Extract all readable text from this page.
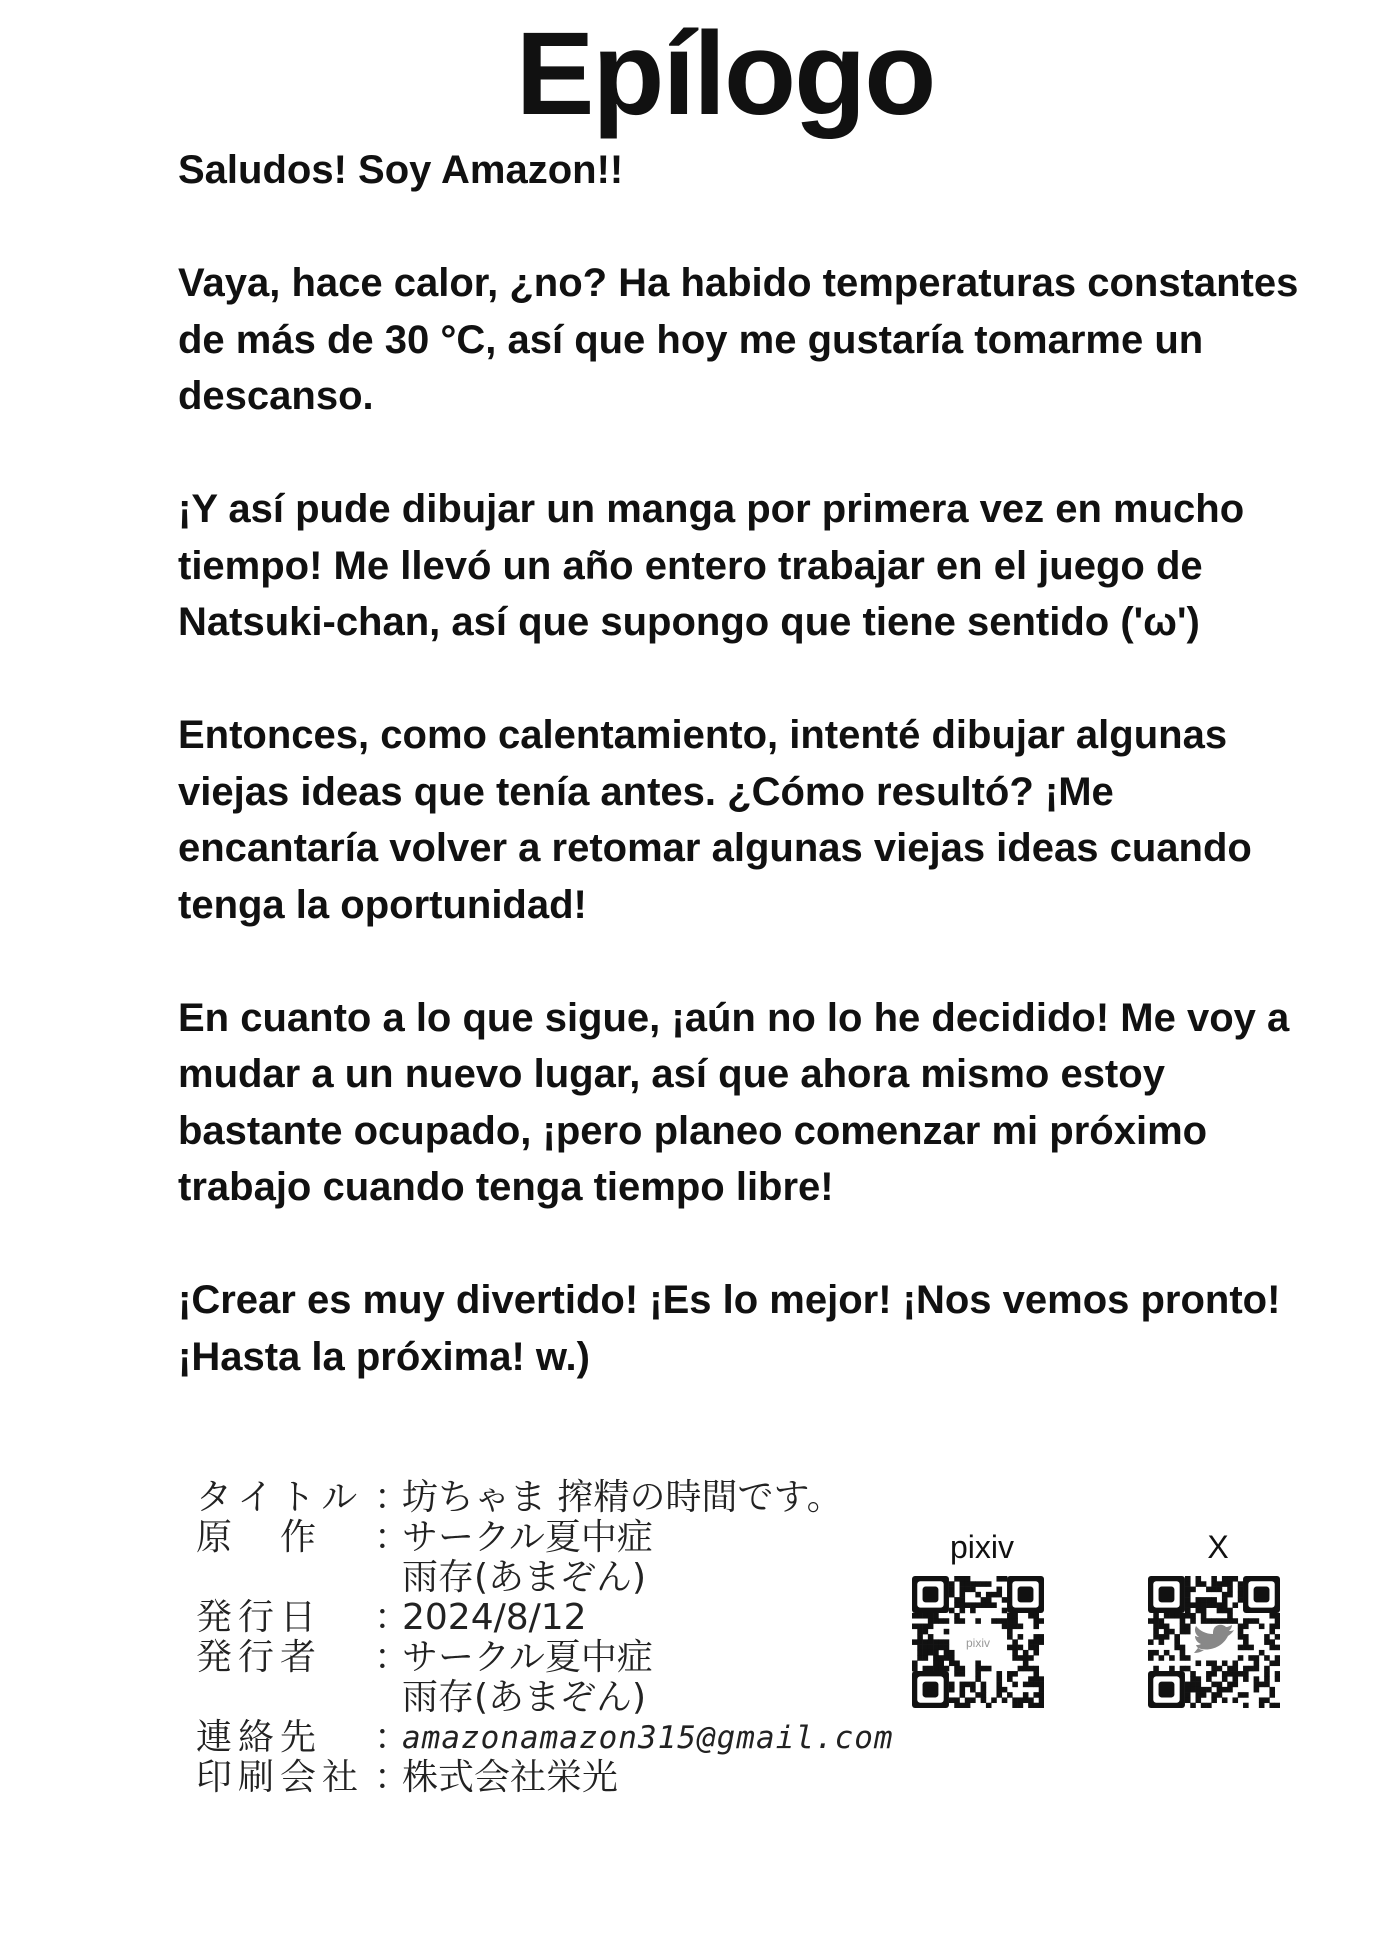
Epílogo

Saludos! Soy Amazon!!

Vaya, hace calor, ¿no? Ha habido temperaturas constantes de más de 30 °C, así que hoy me gustaría tomarme un descanso.

¡Y así pude dibujar un manga por primera vez en mucho tiempo! Me llevó un año entero trabajar en el juego de Natsuki-chan, así que supongo que tiene sentido ('ω')

Entonces, como calentamiento, intenté dibujar algunas viejas ideas que tenía antes. ¿Cómo resultó? ¡Me encantaría volver a retomar algunas viejas ideas cuando tenga la oportunidad!

En cuanto a lo que sigue, ¡aún no lo he decidido! Me voy a mudar a un nuevo lugar, así que ahora mismo estoy bastante ocupado, ¡pero planeo comenzar mi próximo trabajo cuando tenga tiempo libre!

¡Crear es muy divertido! ¡Es lo mejor! ¡Nos vemos pronto! ¡Hasta la próxima! w.)

タイトル ：
坊ちゃま 搾精の時間です。
原　作	：
サークル夏中症
雨存(あまぞん)
発行日	：
2024/8/12
発行者	：
サークル夏中症
雨存(あまぞん)
連絡先	：
amazonamazon315@gmail.com
印刷会社 ：
株式会社栄光
pixiv
pixiv
X
